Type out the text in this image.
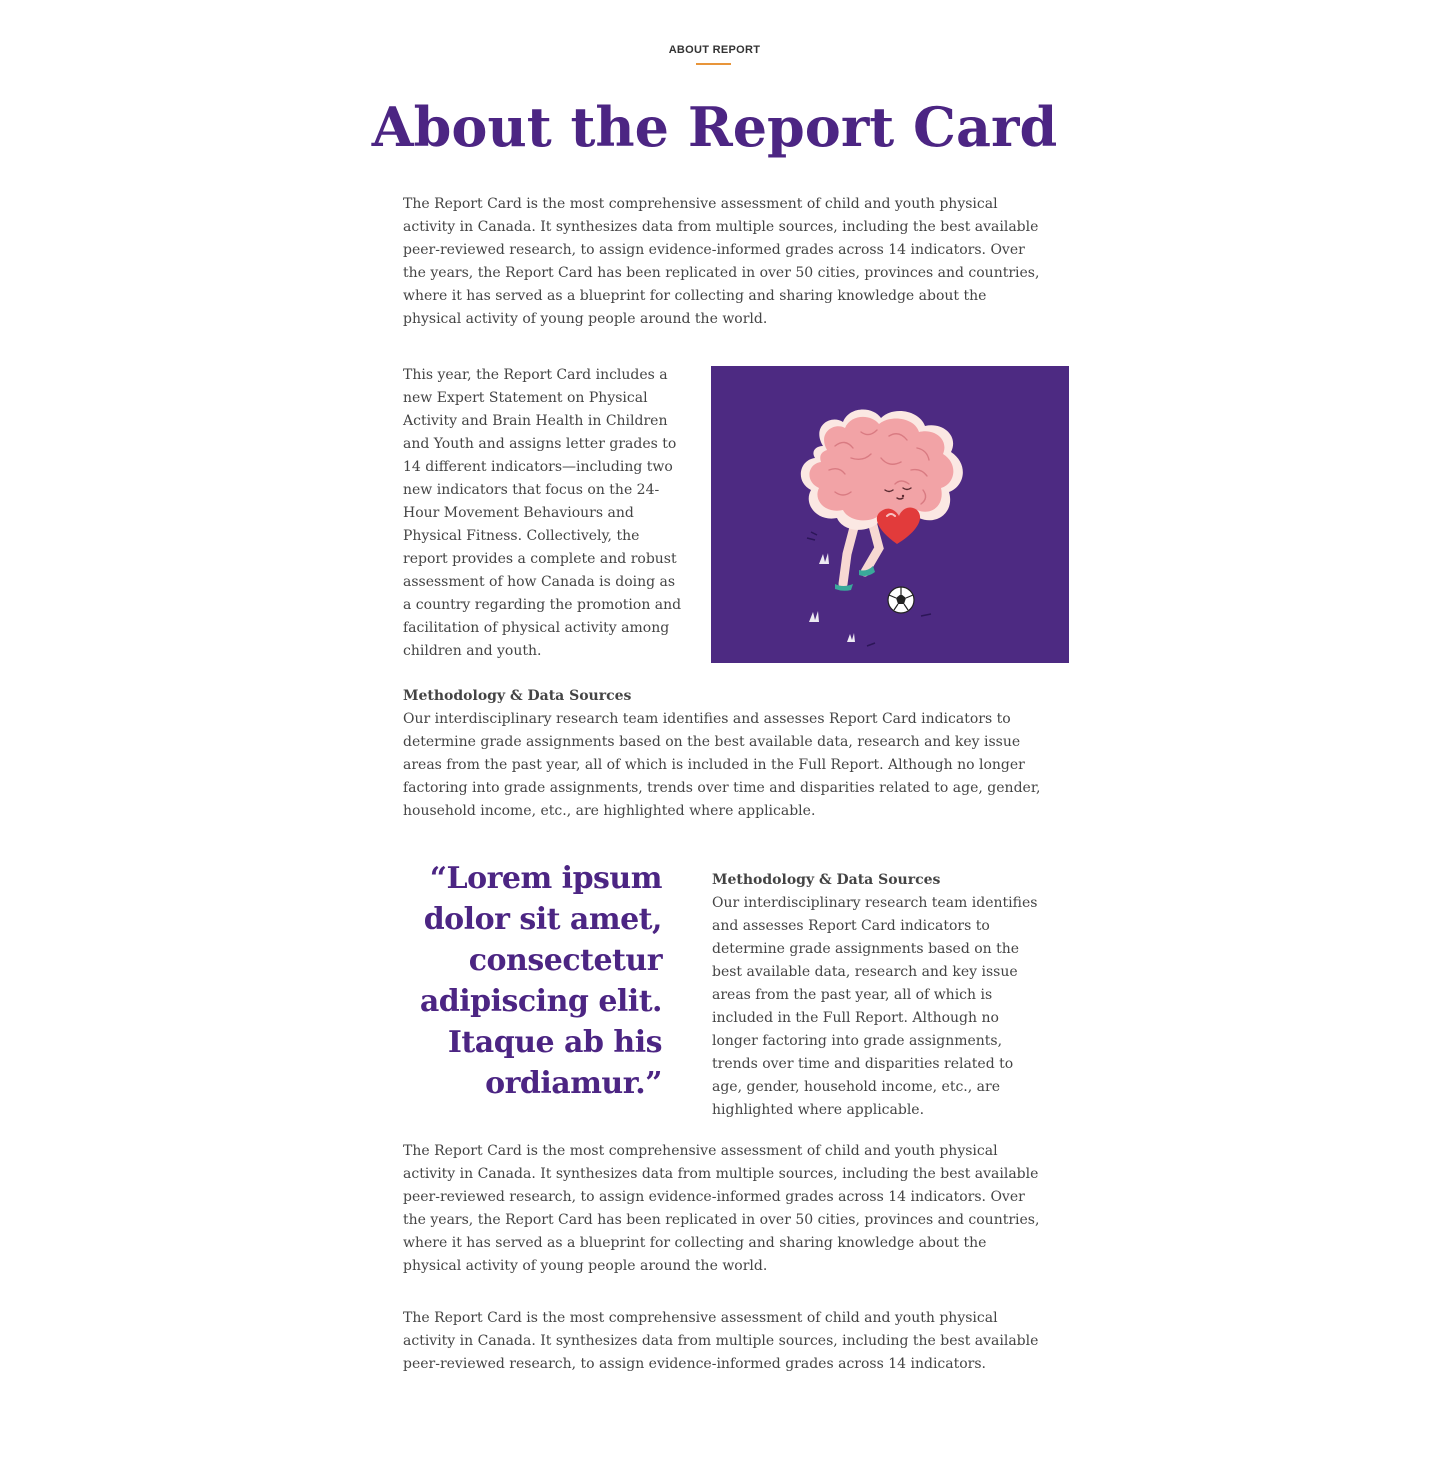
ABOUT REPORT
About the Report Card

The Report Card is the most comprehensive assessment of child and youth physical activity in Canada. It synthesizes data from multiple sources, including the best available peer-reviewed research, to assign evidence-informed grades across 14 indicators. Over the years, the Report Card has been replicated in over 50 cities, provinces and countries, where it has served as a blueprint for collecting and sharing knowledge about the physical activity of young people around the world.

This year, the Report Card includes a new Expert Statement on Physical Activity and Brain Health in Children and Youth and assigns letter grades to 14 different indicators—including two new indicators that focus on the 24-Hour Movement Behaviours and Physical Fitness. Collectively, the report provides a complete and robust assessment of how Canada is doing as a country regarding the promotion and facilitation of physical activity among children and youth.

Methodology & Data Sources

Our interdisciplinary research team identifies and assesses Report Card indicators to determine grade assignments based on the best available data, research and key issue areas from the past year, all of which is included in the Full Report. Although no longer factoring into grade assignments, trends over time and disparities related to age, gender, household income, etc., are highlighted where applicable.

“Lorem ipsum dolor sit amet, consectetur adipiscing elit. Itaque ab his ordiamur.”

Methodology & Data Sources

Our interdisciplinary research team identifies and assesses Report Card indicators to determine grade assignments based on the best available data, research and key issue areas from the past year, all of which is included in the Full Report. Although no longer factoring into grade assignments, trends over time and disparities related to age, gender, household income, etc., are highlighted where applicable.

The Report Card is the most comprehensive assessment of child and youth physical activity in Canada. It synthesizes data from multiple sources, including the best available peer-reviewed research, to assign evidence-informed grades across 14 indicators. Over the years, the Report Card has been replicated in over 50 cities, provinces and countries, where it has served as a blueprint for collecting and sharing knowledge about the physical activity of young people around the world.

The Report Card is the most comprehensive assessment of child and youth physical activity in Canada. It synthesizes data from multiple sources, including the best available peer-reviewed research, to assign evidence-informed grades across 14 indicators.
